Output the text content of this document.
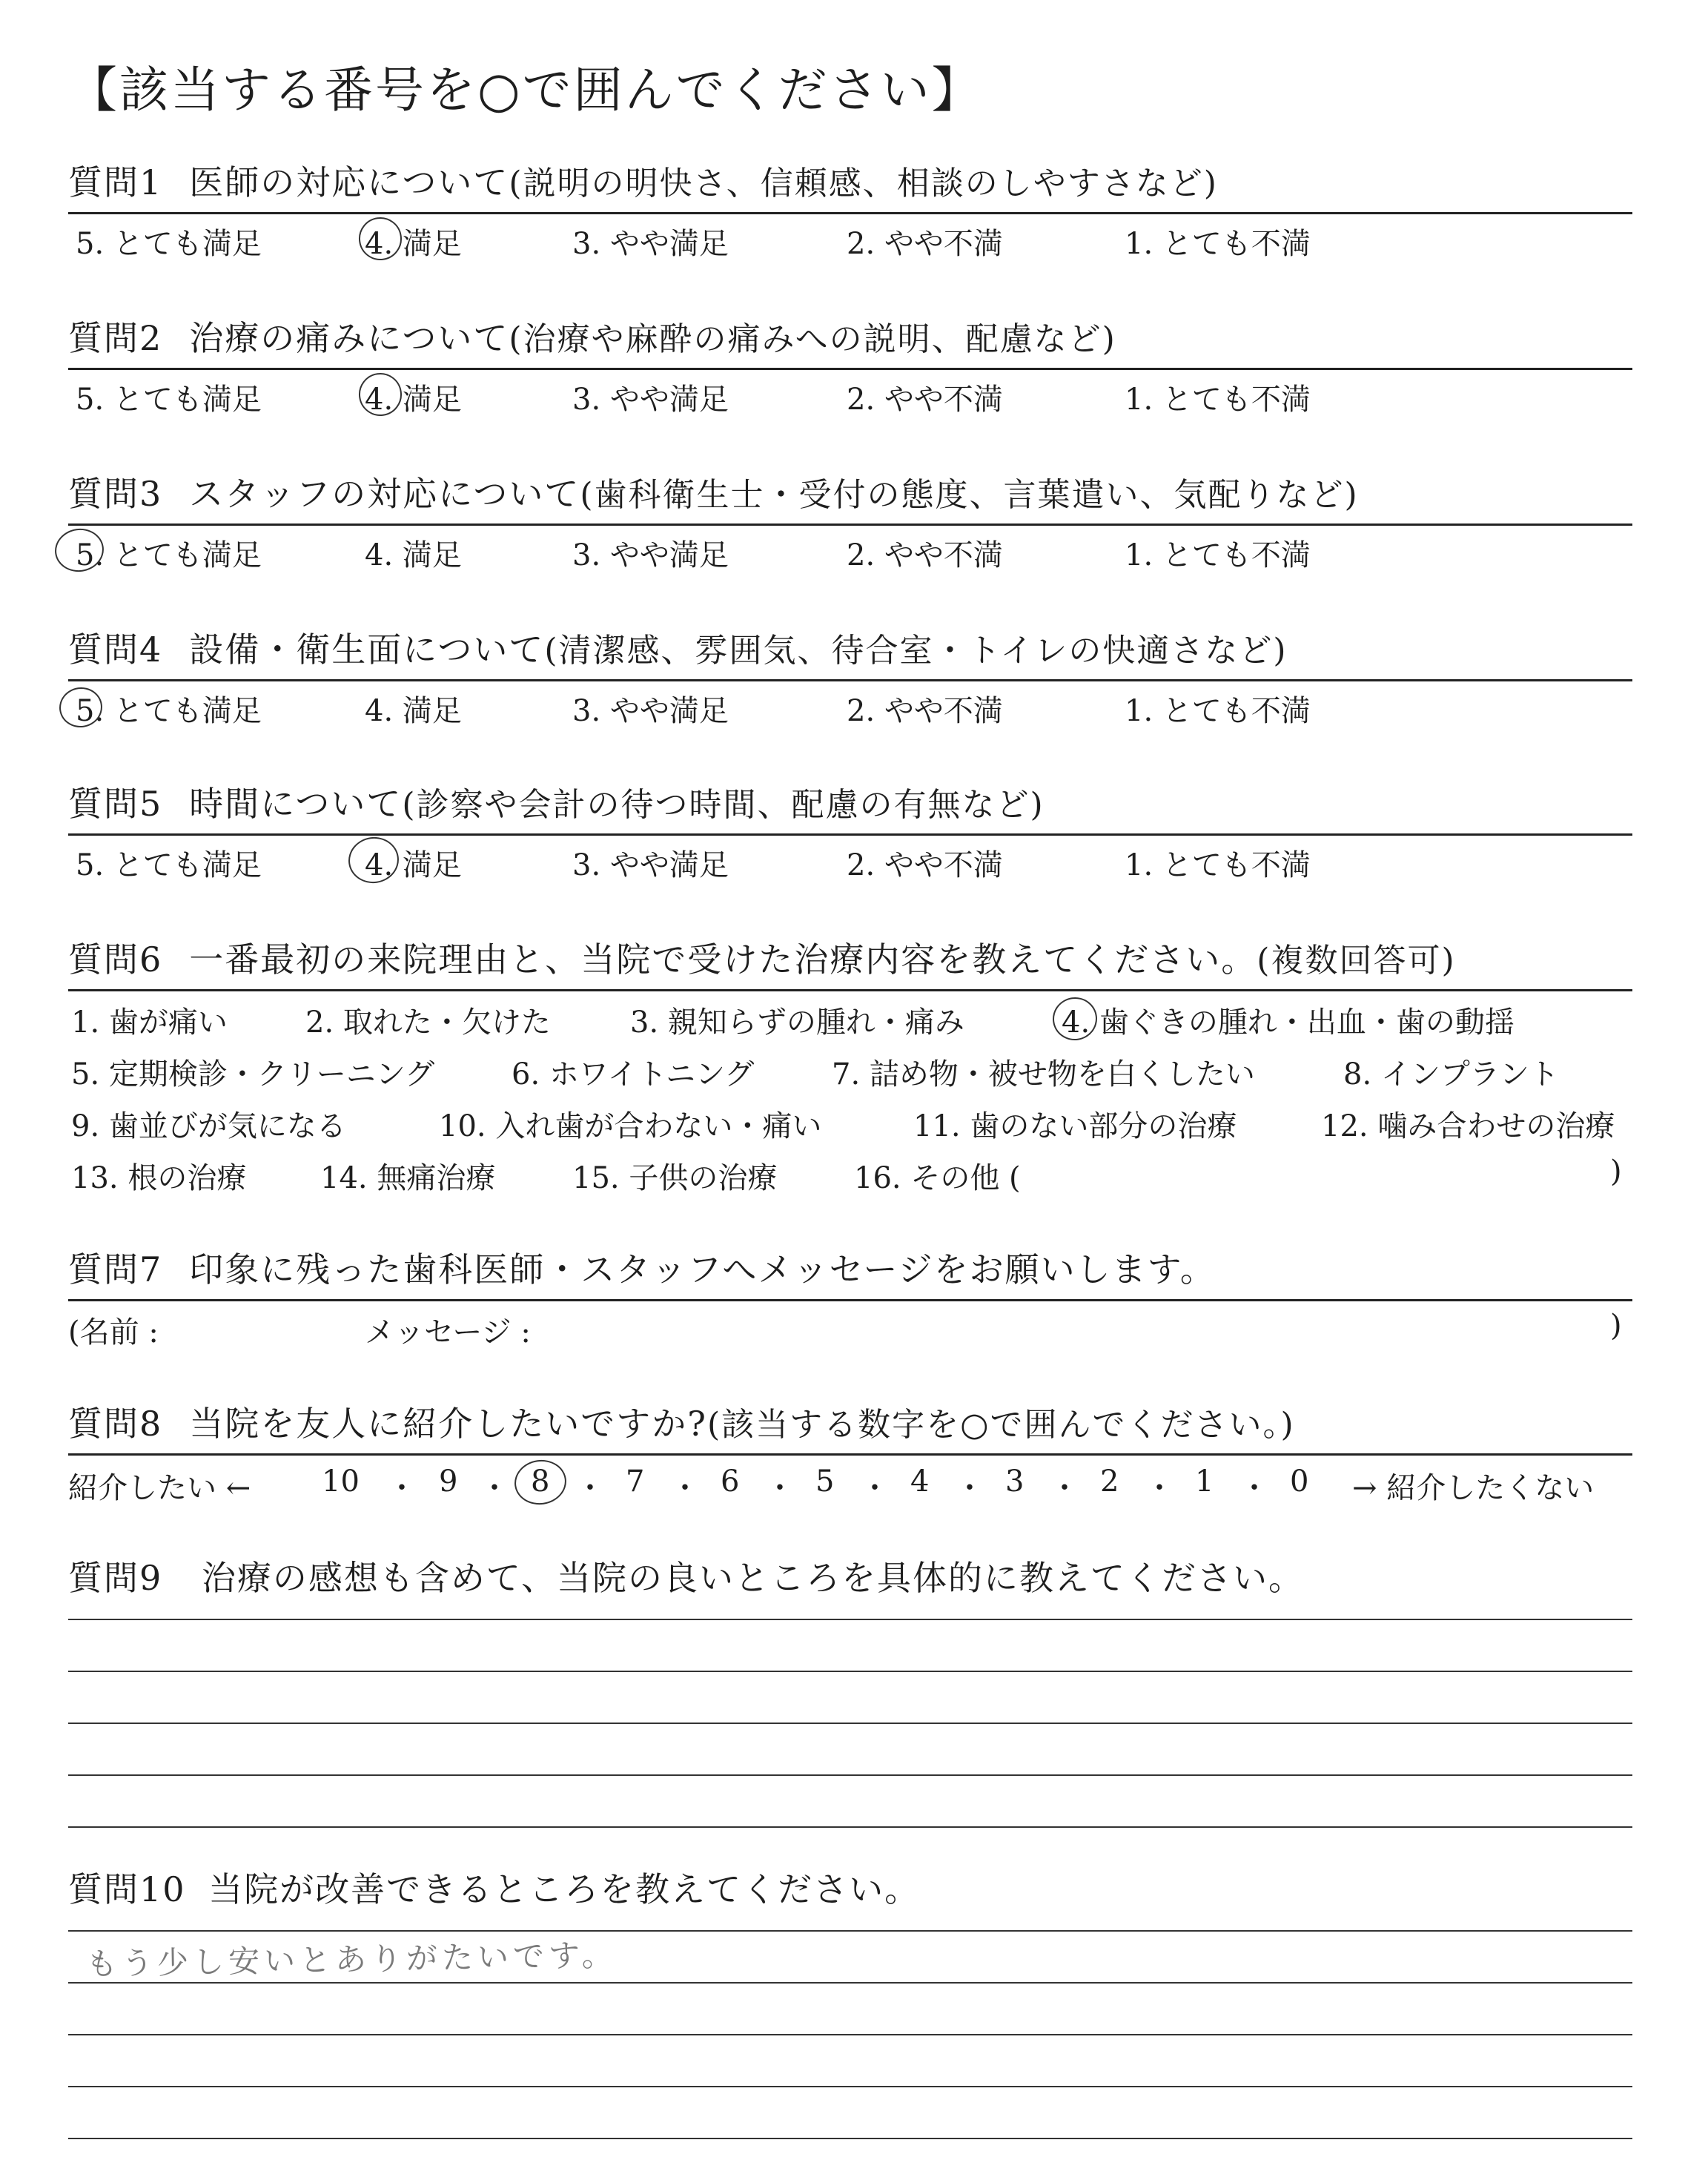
【該当する番号を○で囲んでください】
質問1 医師の対応について (説明の明快さ、信頼感、相談のしやすさなど)
5. とても満足	4. 満足	3. やや満足	2. やや不満	1. とても不満
質問2 治療の痛みについて (治療や麻酔の痛みへの説明、配慮など)
5. とても満足	4. 満足	3. やや満足	2. やや不満	1. とても不満
質問3 スタッフの対応について (歯科衛生士・受付の態度、言葉遣い、気配りなど)
5. とても満足	4. 満足	3. やや満足	2. やや不満	1. とても不満
質問4 設備・衛生面について (清潔感、雰囲気、待合室・トイレの快適さなど)
5. とても満足	4. 満足	3. やや満足	2. やや不満	1. とても不満
質問5 時間について (診察や会計の待つ時間、配慮の有無など)
5. とても満足	4. 満足	3. やや満足	2. やや不満	1. とても不満
質問6 一番最初の来院理由と、当院で受けた治療内容を教えてください。 (複数回答可)
1. 歯が痛い	2. 取れた・欠けた	3. 親知らずの腫れ・痛み	4. 歯ぐきの腫れ・出血・歯の動揺
5. 定期検診・クリーニング	6. ホワイトニング	7. 詰め物・被せ物を白くしたい	8. インプラント
9. 歯並びが気になる	10. 入れ歯が合わない・痛い	11. 歯のない部分の治療	12. 噛み合わせの治療
13. 根の治療 14. 無痛治療	15. 子供の治療	16. その他 (	)
質問7 印象に残った歯科医師・スタッフへメッセージをお願いします。
(名前 :	メッセージ :	)
質問8 当院を友人に紹介したいですか? (該当する数字を○で囲んでください。)
紹介したい ← 10 ・ 9 ・ 8 ・ 7 ・ 6 ・ 5 ・ 4 ・ 3 ・ 2 ・ 1 ・ 0 → 紹介したくない
質問9 治療の感想も含めて、当院の良いところを具体的に教えてください。
質問10 当院が改善できるところを教えてください。
もう少し安いとありがたいです。
